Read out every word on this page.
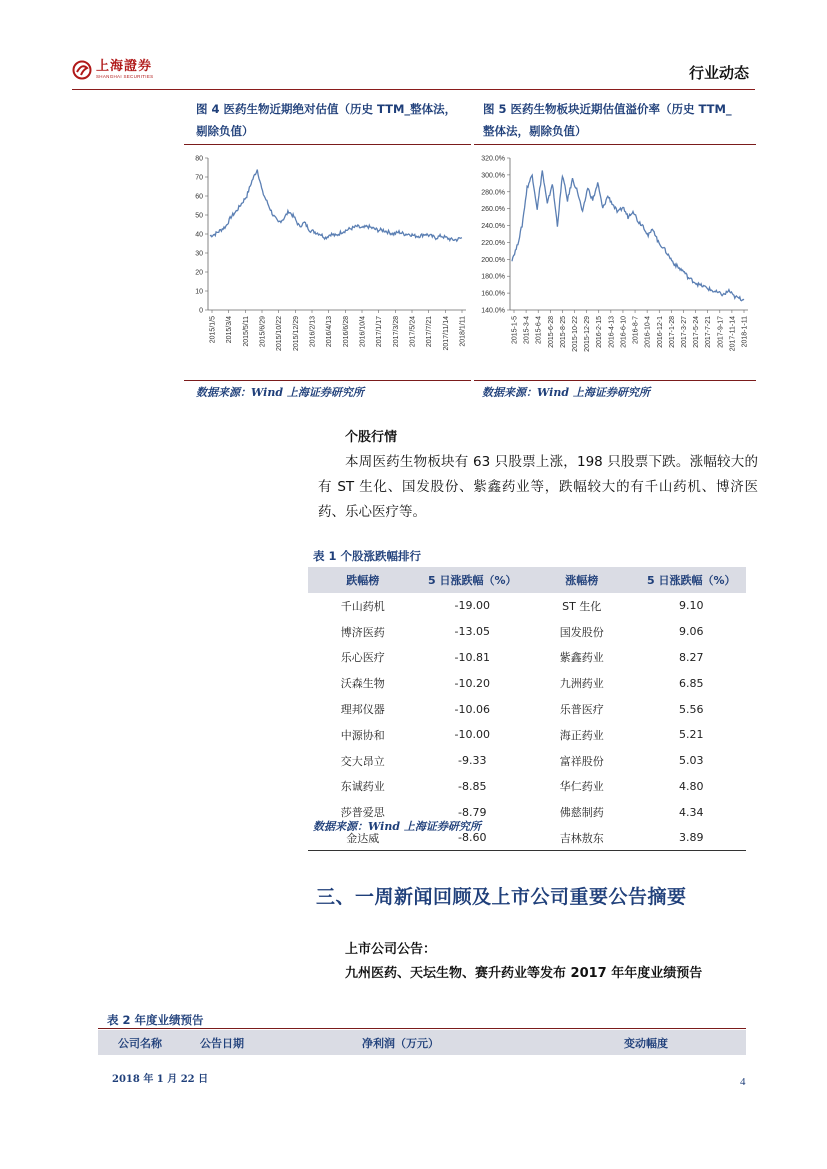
上海證券
SHANGHAI SECURITIES	行业动态
图 4 医药生物近期绝对估值（历史 TTM_整体法，
剔除负值）
0
10
20
30
40
50
60
70
80
2015/1/5 2015/3/4 2015/5/11 2015/6/29 2015/10/22 2015/12/29 2016/2/13 2016/4/13 2016/6/28 2016/10/4 2017/1/17 2017/3/28 2017/5/24 2017/7/21 2017/11/14 2018/1/11
数据来源：Wind 上海证券研究所
图 5 医药生物板块近期估值溢价率（历史 TTM_
整体法，剔除负值）
140.0%
160.0%
180.0%
200.0%
220.0%
240.0%
260.0%
280.0%
300.0%
320.0%
2015-1-5 2015-3-4 2015-6-4 2015-6-28 2015-8-25 2015-10-22 2015-12-29 2016-2-15 2016-4-13 2016-6-10 2016-8-7 2016-10-4 2016-12-1 2017-1-28 2017-3-27 2017-5-24 2017-7-21 2017-9-17 2017-11-14 2018-1-11
数据来源：Wind 上海证券研究所
个股行情
本周医药生物板块有 63 只股票上涨，198 只股票下跌。涨幅较大的有 ST 生化、国发股份、紫鑫药业等，跌幅较大的有千山药机、博济医药、乐心医疗等。
表 1 个股涨跌幅排行
跌幅榜	5 日涨跌幅（%）	涨幅榜	5 日涨跌幅（%）
千山药机	-19.00	ST 生化	9.10
博济医药	-13.05	国发股份	9.06
乐心医疗	-10.81	紫鑫药业	8.27
沃森生物	-10.20	九洲药业	6.85
理邦仪器	-10.06	乐普医疗	5.56
中源协和	-10.00	海正药业	5.21
交大昂立	-9.33	富祥股份	5.03
东诚药业	-8.85	华仁药业	4.80
莎普爱思	-8.79	佛慈制药	4.34
金达威	-8.60	吉林敖东	3.89
数据来源：Wind 上海证券研究所
三、一周新闻回顾及上市公司重要公告摘要
上市公司公告：
九州医药、天坛生物、赛升药业等发布 2017 年年度业绩预告
表 2 年度业绩预告
公司名称	公告日期	净利润（万元）	变动幅度
2018 年 1 月 22 日	4
